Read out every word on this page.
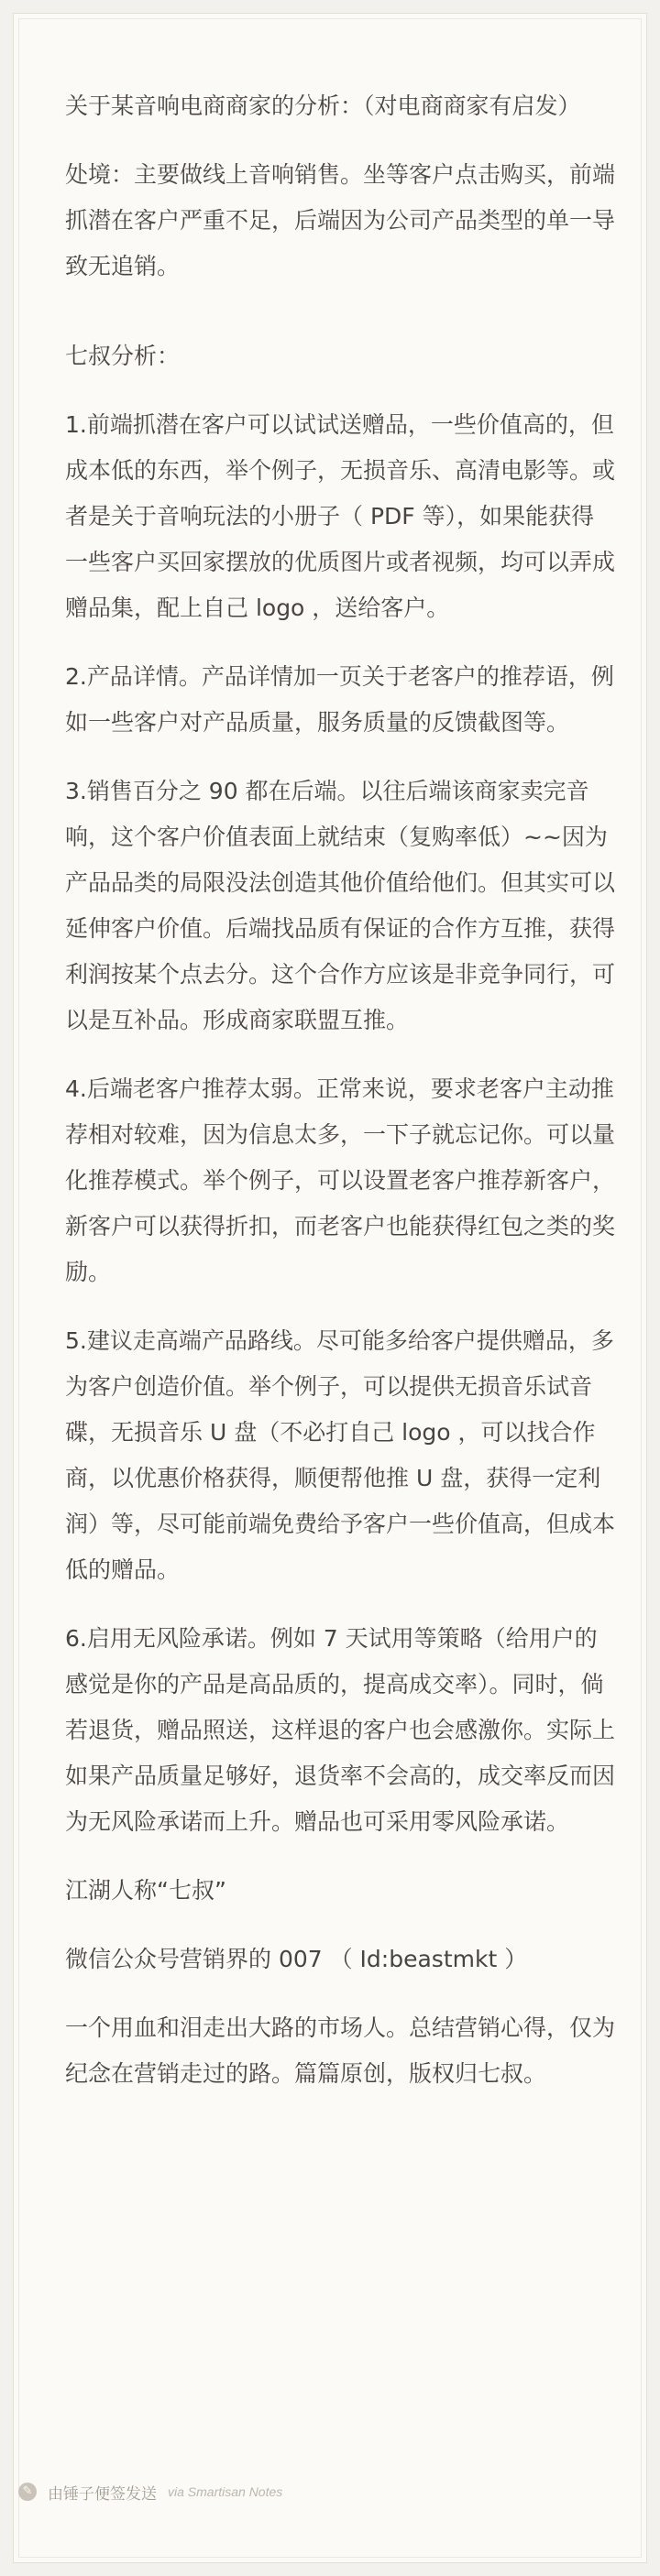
关于某音响电商商家的分析：（对电商商家有启发）

处境：主要做线上音响销售。坐等客户点击购买，前端抓潜在客户严重不足，后端因为公司产品类型的单一导致无追销。

七叔分析：

1.前端抓潜在客户可以试试送赠品，一些价值高的，但成本低的东西，举个例子，无损音乐、高清电影等。或者是关于音响玩法的小册子（ PDF 等），如果能获得一些客户买回家摆放的优质图片或者视频，均可以弄成赠品集，配上自己 logo ，送给客户。

2.产品详情。产品详情加一页关于老客户的推荐语，例如一些客户对产品质量，服务质量的反馈截图等。

3.销售百分之 90 都在后端。以往后端该商家卖完音响，这个客户价值表面上就结束（复购率低）~~因为产品品类的局限没法创造其他价值给他们。但其实可以延伸客户价值。后端找品质有保证的合作方互推，获得利润按某个点去分。这个合作方应该是非竞争同行，可以是互补品。形成商家联盟互推。

4.后端老客户推荐太弱。正常来说，要求老客户主动推荐相对较难，因为信息太多，一下子就忘记你。可以量化推荐模式。举个例子，可以设置老客户推荐新客户，新客户可以获得折扣，而老客户也能获得红包之类的奖励。

5.建议走高端产品路线。尽可能多给客户提供赠品，多为客户创造价值。举个例子，可以提供无损音乐试音碟，无损音乐 U 盘（不必打自己 logo ，可以找合作商，以优惠价格获得，顺便帮他推 U 盘，获得一定利润）等，尽可能前端免费给予客户一些价值高，但成本低的赠品。

6.启用无风险承诺。例如 7 天试用等策略（给用户的感觉是你的产品是高品质的，提高成交率）。同时，倘若退货，赠品照送，这样退的客户也会感激你。实际上如果产品质量足够好，退货率不会高的，成交率反而因为无风险承诺而上升。赠品也可采用零风险承诺。

江湖人称“七叔”

微信公众号营销界的 007 （ Id:beastmkt ）

一个用血和泪走出大路的市场人。总结营销心得，仅为纪念在营销走过的路。篇篇原创，版权归七叔。

✎ 由锤子便签发送 via Smartisan Notes
